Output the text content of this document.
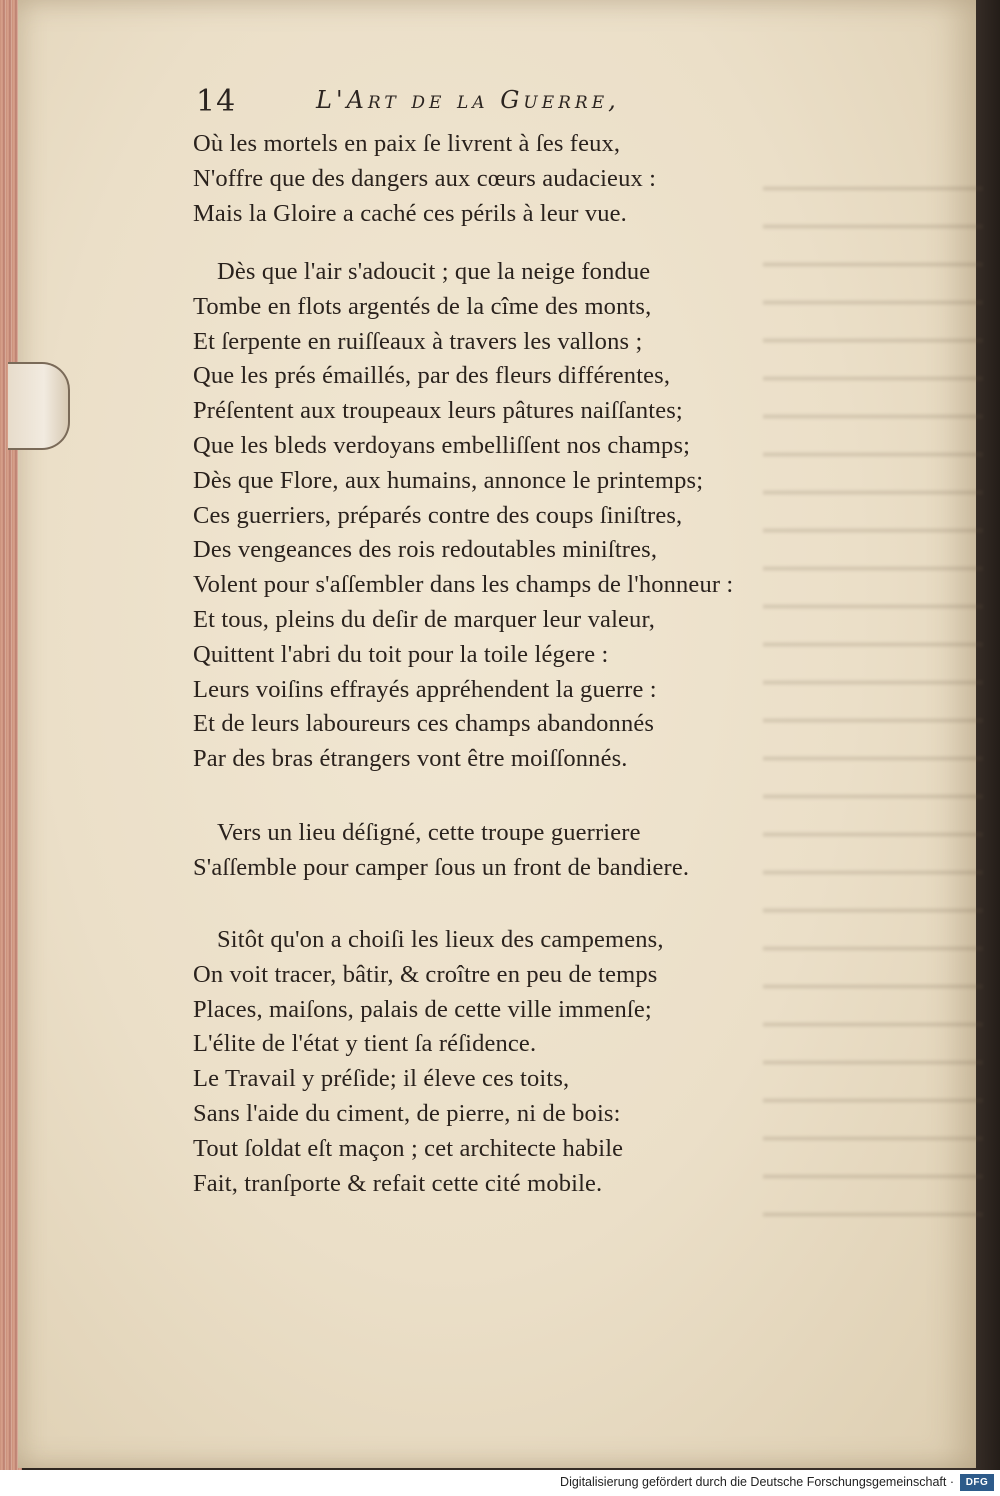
14	L'Art de la Guerre,
Où les mortels en paix ſe livrent à ſes feux,
N'offre que des dangers aux cœurs audacieux :
Mais la Gloire a caché ces périls à leur vue.
Dès que l'air s'adoucit ; que la neige fondue
Tombe en flots argentés de la cîme des monts,
Et ſerpente en ruiſſeaux à travers les vallons ;
Que les prés émaillés, par des fleurs différentes,
Préſentent aux troupeaux leurs pâtures naiſſantes;
Que les bleds verdoyans embelliſſent nos champs;
Dès que Flore, aux humains, annonce le printemps;
Ces guerriers, préparés contre des coups ſiniſtres,
Des vengeances des rois redoutables miniſtres,
Volent pour s'aſſembler dans les champs de l'honneur :
Et tous, pleins du deſir de marquer leur valeur,
Quittent l'abri du toit pour la toile légere :
Leurs voiſins effrayés appréhendent la guerre :
Et de leurs laboureurs ces champs abandonnés
Par des bras étrangers vont être moiſſonnés.
Vers un lieu déſigné, cette troupe guerriere
S'aſſemble pour camper ſous un front de bandiere.
Sitôt qu'on a choiſi les lieux des campemens,
On voit tracer, bâtir, & croître en peu de temps
Places, maiſons, palais de cette ville immenſe;
L'élite de l'état y tient ſa réſidence.
Le Travail y préſide; il éleve ces toits,
Sans l'aide du ciment, de pierre, ni de bois:
Tout ſoldat eſt maçon ; cet architecte habile
Fait, tranſporte & refait cette cité mobile.
Digitalisierung gefördert durch die Deutsche Forschungsgemeinschaft ·	DFG
